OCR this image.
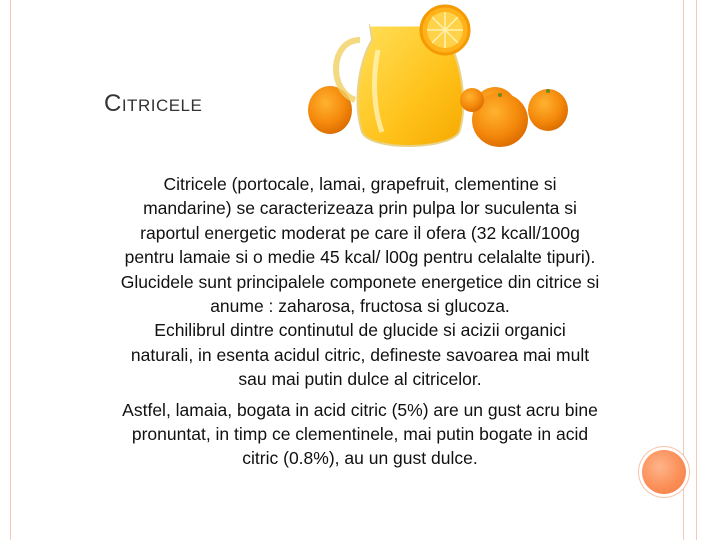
Citricele

Citricele (portocale, lamai, grapefruit, clementine si
mandarine) se caracterizeaza prin pulpa lor suculenta si
raportul energetic moderat pe care il ofera (32 kcall/100g
pentru lamaie si o medie 45 kcal/ l00g pentru celalalte tipuri).
Glucidele sunt principalele componete energetice din citrice si
anume : zaharosa, fructosa si glucoza.
Echilibrul dintre continutul de glucide si acizii organici
naturali, in esenta acidul citric, defineste savoarea mai mult
sau mai putin dulce al citricelor.

Astfel, lamaia, bogata in acid citric (5%) are un gust acru bine
pronuntat, in timp ce clementinele, mai putin bogate in acid
citric (0.8%), au un gust dulce.
